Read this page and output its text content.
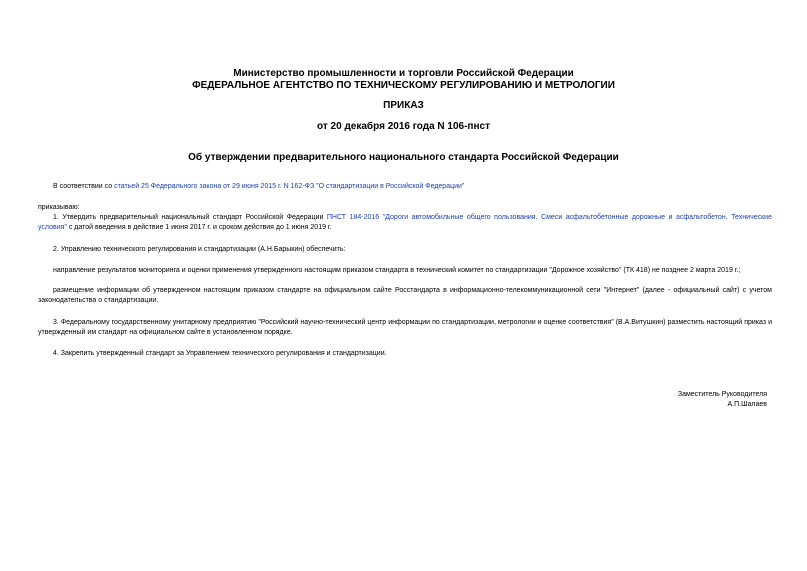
Министерство промышленности и торговли Российской Федерации
ФЕДЕРАЛЬНОЕ АГЕНТСТВО ПО ТЕХНИЧЕСКОМУ РЕГУЛИРОВАНИЮ И МЕТРОЛОГИИ
ПРИКАЗ
от 20 декабря 2016 года N 106-пнст
Об утверждении предварительного национального стандарта Российской Федерации
В соответствии со статьей 25 Федерального закона от 29 июня 2015 г. N 162-ФЗ "О стандартизации в Российской Федерации"
приказываю:
1. Утвердить предварительный национальный стандарт Российской Федерации ПНСТ 184-2016 "Дороги автомобильные общего пользования. Смеси асфальтобетонные дорожные и асфальтобетон. Технические условия" с датой введения в действие 1 июня 2017 г. и сроком действия до 1 июня 2019 г.
2. Управлению технического регулирования и стандартизации (А.Н.Барыкин) обеспечить:
направление результатов мониторинга и оценки применения утвержденного настоящим приказом стандарта в технический комитет по стандартизации "Дорожное хозяйство" (ТК 418) не позднее 2 марта 2019 г.;
размещение информации об утвержденном настоящим приказом стандарте на официальном сайте Росстандарта в информационно-телекоммуникационной сети "Интернет" (далее - официальный сайт) с учетом законодательства о стандартизации.
3. Федеральному государственному унитарному предприятию "Российский научно-технический центр информации по стандартизации, метрологии и оценке соответствия" (В.А.Витушкин) разместить настоящий приказ и утвержденный им стандарт на официальном сайте в установленном порядке.
4. Закрепить утвержденный стандарт за Управлением технического регулирования и стандартизации.
Заместитель Руководителя
А.П.Шалаев
